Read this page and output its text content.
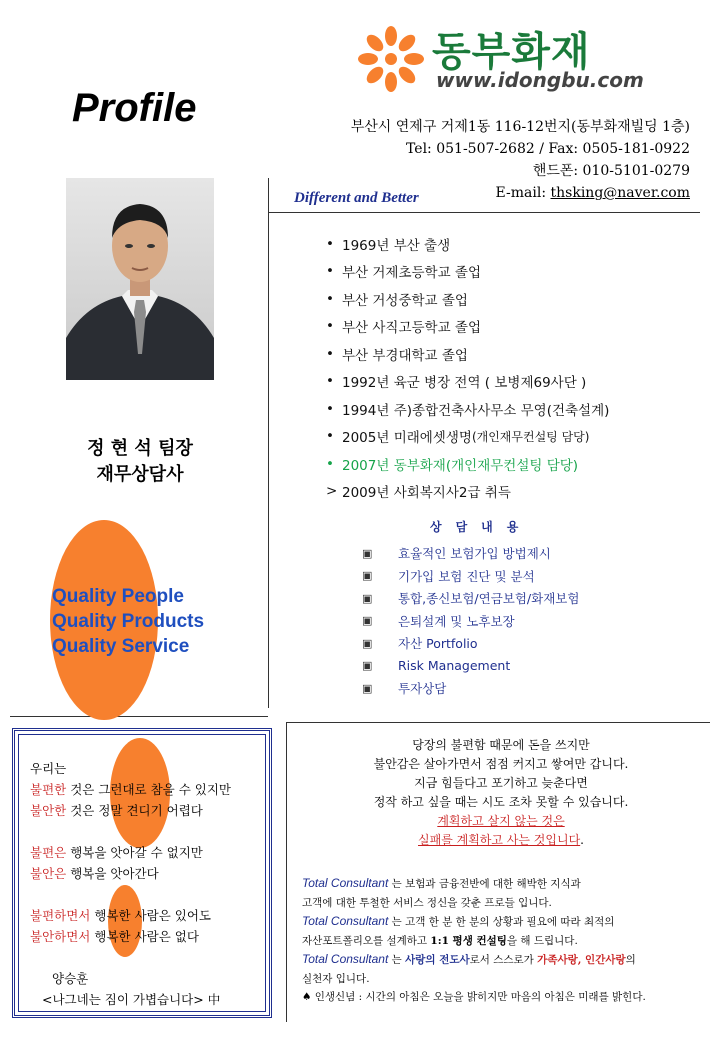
동부화재
www.idongbu.com
Profile	부산시 연제구 거제1동 116-12번지(동부화재빌딩 1층)
Tel: 051-507-2682 / Fax: 0505-181-0922
핸드폰: 010-5101-0279
E-mail: thsking@naver.com
Different and Better
정 현 석 팀장
재무상담사
Quality People
Quality Products
Quality Service
• 1969년 부산 출생
• 부산 거제초등학교 졸업
• 부산 거성중학교 졸업
• 부산 사직고등학교 졸업
• 부산 부경대학교 졸업
• 1992년 육군 병장 전역 ( 보병제69사단 )
• 1994년 주)종합건축사사무소 무영(건축설계)
• 2005년 미래에셋생명 (개인재무컨설팅 담당)
• 2007년 동부화재 (개인재무컨설팅 담당)
> 2009년 사회복지사2급 취득
상담내용
▣	효율적인 보험가입 방법제시
▣	기가입 보험 진단 및 분석
▣	통합,종신보험/연금보험/화재보험
▣	은퇴설계 및 노후보장
▣	자산 Portfolio
▣	Risk Management
▣	투자상담
우리는
불편한 것은 그런대로 참을 수 있지만
불안한 것은 정말 견디기 어렵다
불편은 행복을 앗아갈 수 없지만
불안은 행복을 앗아간다
불편하면서 행복한 사람은 있어도
불안하면서 행복한 사람은 없다
양승훈
<나그네는 짐이 가볍습니다> 中
당장의 불편함 때문에 돈을 쓰지만
불안감은 살아가면서 점점 커지고 쌓여만 갑니다.
지금 힘들다고 포기하고 늦춘다면
정작 하고 싶을 때는 시도 조차 못할 수 있습니다.
계획하고 살지 않는 것은
실패를 계획하고 사는 것입니다.
Total Consultant 는 보험과 금융전반에 대한 해박한 지식과
고객에 대한 투철한 서비스 정신을 갖춘 프로들 입니다.
Total Consultant 는 고객 한 분 한 분의 상황과 필요에 따라 최적의
자산포트폴리오를 설계하고 1:1 평생 컨설팅을 해 드립니다.
Total Consultant 는 사랑의 전도사로서 스스로가 가족사랑, 인간사랑의
실천자 입니다.
♠ 인생신념 : 시간의 아침은 오늘을 밝히지만 마음의 아침은 미래를 밝힌다.
